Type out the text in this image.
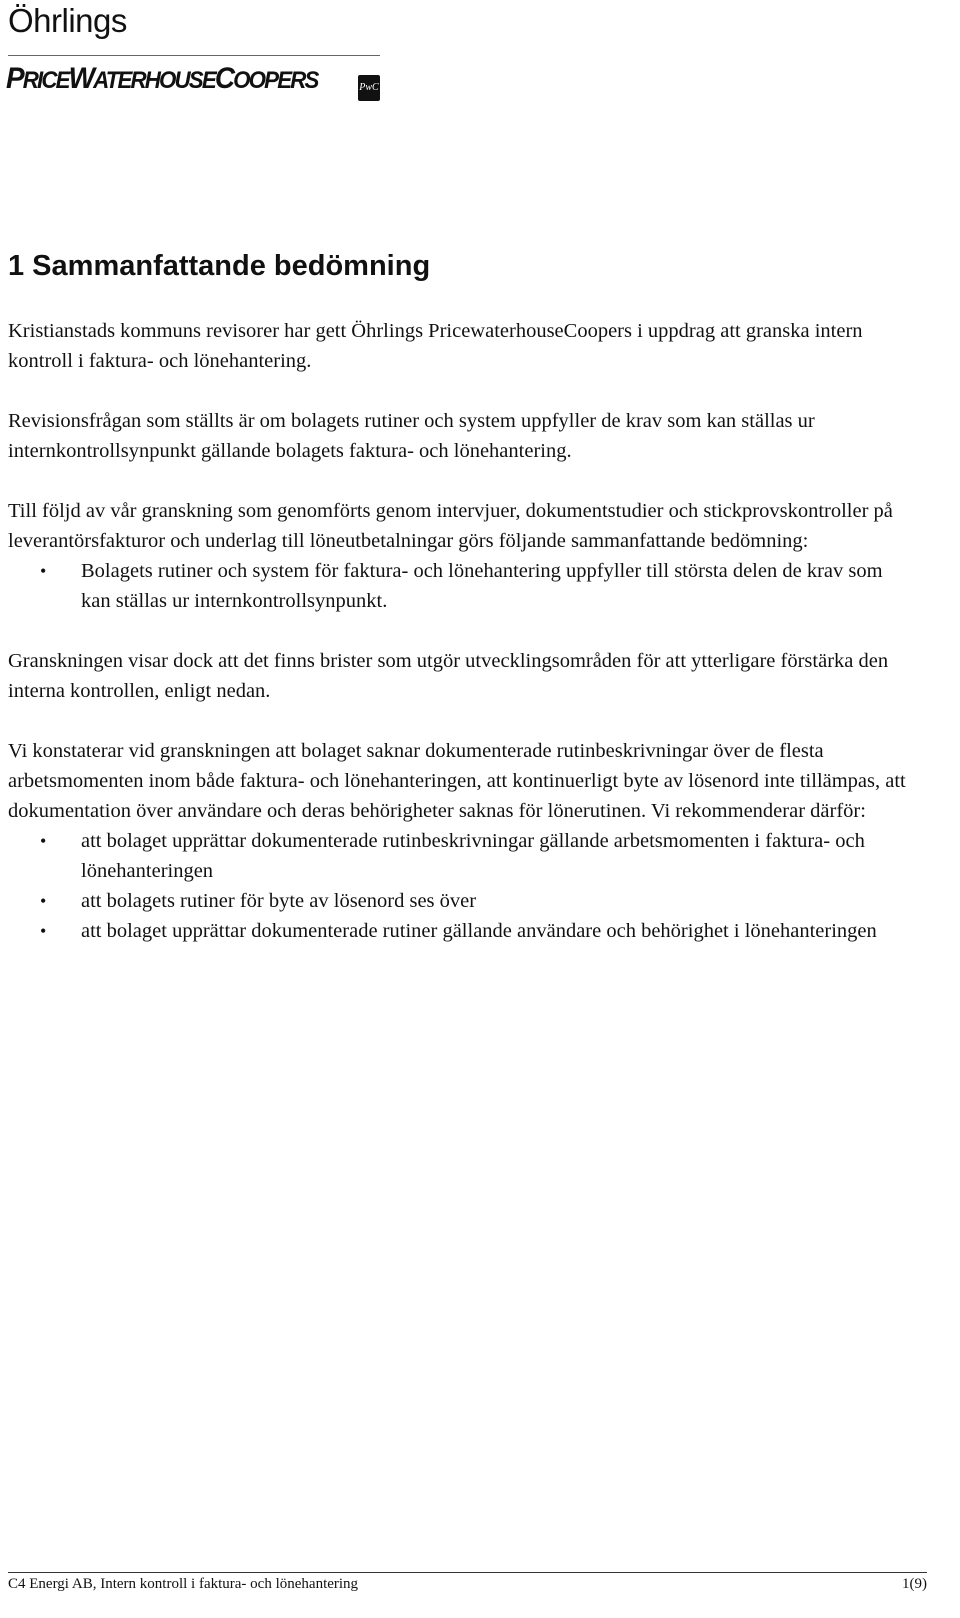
Öhrlings
PRICEWATERHOUSECOOPERS	PwC
1 Sammanfattande bedömning

Kristianstads kommuns revisorer har gett Öhrlings PricewaterhouseCoopers i uppdrag att granska intern kontroll i faktura- och lönehantering.

Revisionsfrågan som ställts är om bolagets rutiner och system uppfyller de krav som kan ställas ur internkontrollsynpunkt gällande bolagets faktura- och lönehantering.

Till följd av vår granskning som genomförts genom intervjuer, dokumentstudier och stickprovskontroller på leverantörsfakturor och underlag till löneutbetalningar görs följande sammanfattande bedömning:

• Bolagets rutiner och system för faktura- och lönehantering uppfyller till största delen de krav som kan ställas ur internkontrollsynpunkt.

Granskningen visar dock att det finns brister som utgör utvecklingsområden för att ytterligare förstärka den interna kontrollen, enligt nedan.

Vi konstaterar vid granskningen att bolaget saknar dokumenterade rutinbeskrivningar över de flesta arbetsmomenten inom både faktura- och lönehanteringen, att kontinuerligt byte av lösenord inte tillämpas, att dokumentation över användare och deras behörigheter saknas för lönerutinen. Vi rekommenderar därför:

• att bolaget upprättar dokumenterade rutinbeskrivningar gällande arbetsmomenten i faktura- och lönehanteringen
• att bolagets rutiner för byte av lösenord ses över
• att bolaget upprättar dokumenterade rutiner gällande användare och behörighet i lönehanteringen
C4 Energi AB, Intern kontroll i faktura- och lönehantering	1(9)
